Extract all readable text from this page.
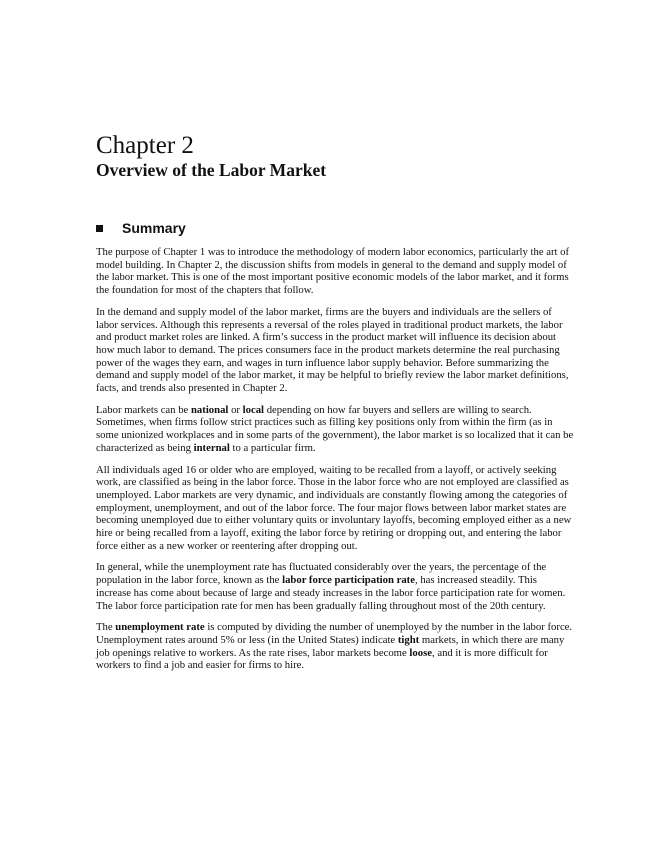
Chapter 2
Overview of the Labor Market
Summary

The purpose of Chapter 1 was to introduce the methodology of modern labor economics, particularly the art of model building. In Chapter 2, the discussion shifts from models in general to the demand and supply model of the labor market. This is one of the most important positive economic models of the labor market, and it forms the foundation for most of the chapters that follow.

In the demand and supply model of the labor market, firms are the buyers and individuals are the sellers of labor services. Although this represents a reversal of the roles played in traditional product markets, the labor and product market roles are linked. A firm’s success in the product market will influence its decision about how much labor to demand. The prices consumers face in the product markets determine the real purchasing power of the wages they earn, and wages in turn influence labor supply behavior. Before summarizing the demand and supply model of the labor market, it may be helpful to briefly review the labor market definitions, facts, and trends also presented in Chapter 2.

Labor markets can be national or local depending on how far buyers and sellers are willing to search. Sometimes, when firms follow strict practices such as filling key positions only from within the firm (as in some unionized workplaces and in some parts of the government), the labor market is so localized that it can be characterized as being internal to a particular firm.

All individuals aged 16 or older who are employed, waiting to be recalled from a layoff, or actively seeking work, are classified as being in the labor force. Those in the labor force who are not employed are classified as unemployed. Labor markets are very dynamic, and individuals are constantly flowing among the categories of employment, unemployment, and out of the labor force. The four major flows between labor market states are becoming unemployed due to either voluntary quits or involuntary layoffs, becoming employed either as a new hire or being recalled from a layoff, exiting the labor force by retiring or dropping out, and entering the labor force either as a new worker or reentering after dropping out.

In general, while the unemployment rate has fluctuated considerably over the years, the percentage of the population in the labor force, known as the labor force participation rate, has increased steadily. This increase has come about because of large and steady increases in the labor force participation rate for women. The labor force participation rate for men has been gradually falling throughout most of the 20th century.

The unemployment rate is computed by dividing the number of unemployed by the number in the labor force. Unemployment rates around 5% or less (in the United States) indicate tight markets, in which there are many job openings relative to workers. As the rate rises, labor markets become loose, and it is more difficult for workers to find a job and easier for firms to hire.
